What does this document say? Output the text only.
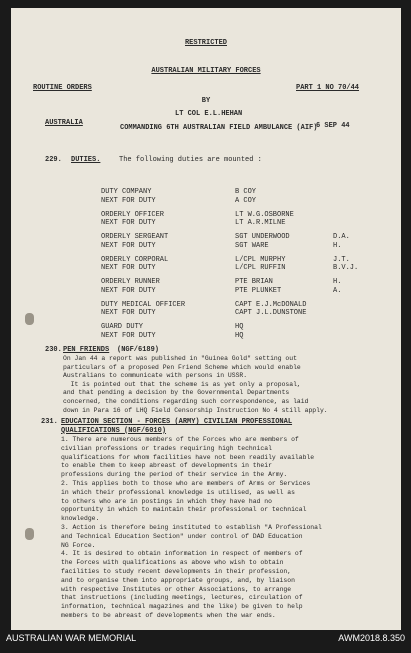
RESTRICTED
AUSTRALIAN MILITARY FORCES
ROUTINE ORDERS	PART 1 NO 70/44
BY
LT COL E.L.HEHAN
AUSTRALIA
COMMANDING 6TH AUSTRALIAN FIELD AMBULANCE (AIF)
6 SEP 44
229. DUTIES.	The following duties are mounted :
DUTY COMPANY	B COY
NEXT FOR DUTY	A COY
ORDERLY OFFICER	LT W.G.OSBORNE
NEXT FOR DUTY	LT A.R.MILNE
ORDERLY SERGEANT	SGT UNDERWOOD	D.A.
NEXT FOR DUTY	SGT WARE	H.
ORDERLY CORPORAL	L/CPL MURPHY	J.T.
NEXT FOR DUTY	L/CPL RUFFIN	B.V.J.
ORDERLY RUNNER	PTE BRIAN	H.
NEXT FOR DUTY	PTE PLUNKET	A.
DUTY MEDICAL OFFICER	CAPT E.J.McDONALD
NEXT FOR DUTY	CAPT J.L.DUNSTONE
GUARD DUTY	HQ
NEXT FOR DUTY	HQ
230. PEN FRIENDS (NGF/6189)
On Jan 44 a report was published in "Guinea Gold" setting out
particulars of a proposed Pen Friend Scheme which would enable
Australians to communicate with persons in USSR.
It is pointed out that the scheme is as yet only a proposal,
and that pending a decision by the Governmental Departments
concerned, the conditions regarding such correspondence, as laid
down in Para 16 of LHQ Field Censorship Instruction No 4 still apply.
231. EDUCATION SECTION - FORCES (ARMY) CIVILIAN PROFESSIONAL
QUALIFICATIONS (NGF/6010)
1. There are numerous members of the Forces who are members of
civilian professions or trades requiring high technical
qualifications for whom facilities have not been readily available
to enable them to keep abreast of developments in their
professions during the period of their service in the Army.
2. This applies both to those who are members of Arms or Services
in which their professional knowledge is utilised, as well as
to others who are in postings in which they have had no
opportunity in which to maintain their professional or technical
knowledge.
3. Action is therefore being instituted to establish "A Professional
and Technical Education Section" under control of DAD Education
NG Force.
4. It is desired to obtain information in respect of members of
the Forces with qualifications as above who wish to obtain
facilities to study recent developments in their profession,
and to organise them into appropriate groups, and, by liaison
with respective Institutes or other Associations, to arrange
that instructions (including meetings, lectures, circulation of
information, technical magazines and the like) be given to help
members to be abreast of developments when the war ends.
AUSTRALIAN WAR MEMORIAL	AWM2018.8.350
